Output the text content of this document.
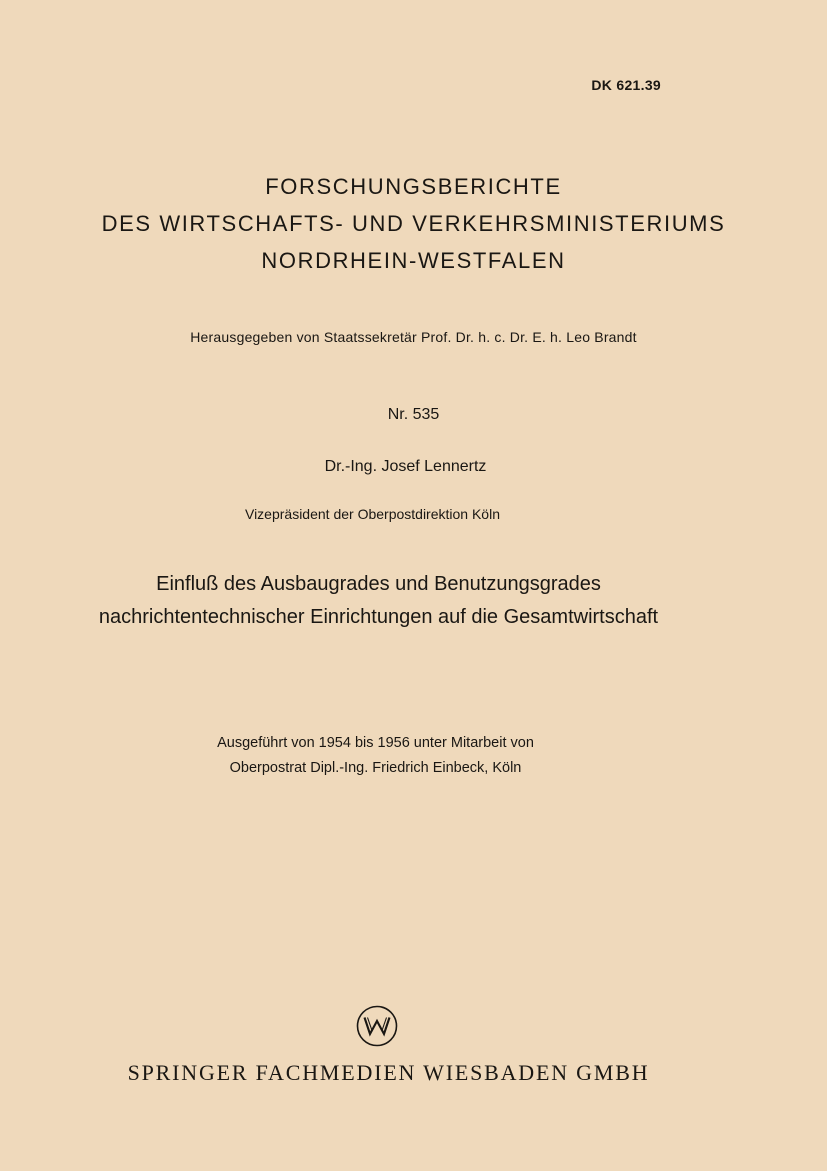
DK 621.39
FORSCHUNGSBERICHTE
DES WIRTSCHAFTS- UND VERKEHRSMINISTERIUMS
NORDRHEIN-WESTFALEN
Herausgegeben von Staatssekretär Prof. Dr. h. c. Dr. E. h. Leo Brandt
Nr. 535
Dr.-Ing. Josef Lennertz
Vizepräsident der Oberpostdirektion Köln
Einfluß des Ausbaugrades und Benutzungsgrades
nachrichtentechnischer Einrichtungen auf die Gesamtwirtschaft
Ausgeführt von 1954 bis 1956 unter Mitarbeit von
Oberpostrat Dipl.-Ing. Friedrich Einbeck, Köln
SPRINGER FACHMEDIEN WIESBADEN GMBH
